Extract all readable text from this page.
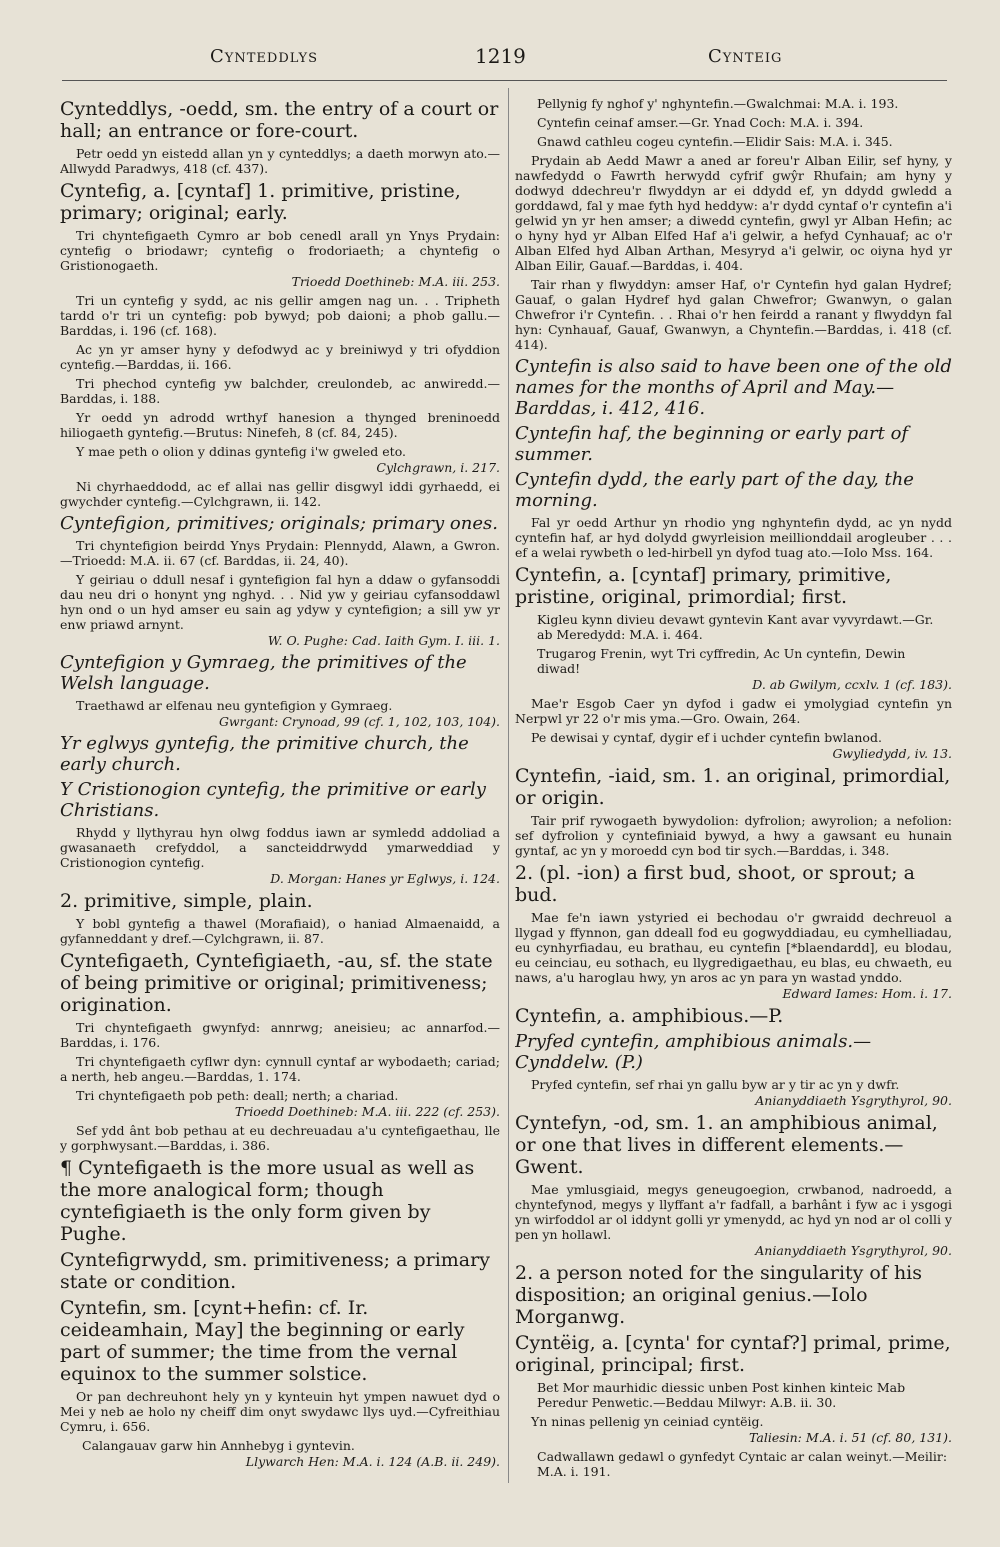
Cynteddlys	1219	Cynteig
Cynteddlys, -oedd, sm. the entry of a court or hall; an entrance or fore-court.
Petr oedd yn eistedd allan yn y cynteddlys; a daeth morwyn ato.—Allwydd Paradwys, 418 (cf. 437).
Cyntefig, a. [cyntaf] 1. primitive, pristine, primary; original; early.
Tri chyntefigaeth Cymro ar bob cenedl arall yn Ynys Prydain: cyntefig o briodawr; cyntefig o frodoriaeth; a chyntefig o Gristionogaeth.
Trioedd Doethineb: M.A. iii. 253.
Tri un cyntefig y sydd, ac nis gellir amgen nag un. . . Tripheth tardd o'r tri un cyntefig: pob bywyd; pob daioni; a phob gallu.—Barddas, i. 196 (cf. 168).
Ac yn yr amser hyny y defodwyd ac y breiniwyd y tri ofyddion cyntefig.—Barddas, ii. 166.
Tri phechod cyntefig yw balchder, creulondeb, ac anwiredd.—Barddas, i. 188.
Yr oedd yn adrodd wrthyf hanesion a thynged breninoedd hiliogaeth gyntefig.—Brutus: Ninefeh, 8 (cf. 84, 245).
Y mae peth o olion y ddinas gyntefig i'w gweled eto.
Cylchgrawn, i. 217.
Ni chyrhaeddodd, ac ef allai nas gellir disgwyl iddi gyrhaedd, ei gwychder cyntefig.—Cylchgrawn, ii. 142.
Cyntefigion, primitives; originals; primary ones.
Tri chyntefigion beirdd Ynys Prydain: Plennydd, Alawn, a Gwron.—Trioedd: M.A. ii. 67 (cf. Barddas, ii. 24, 40).
Y geiriau o ddull nesaf i gyntefigion fal hyn a ddaw o gyfansoddi dau neu dri o honynt yng nghyd. . . Nid yw y geiriau cyfansoddawl hyn ond o un hyd amser eu sain ag ydyw y cyntefigion; a sill yw yr enw priawd arnynt.
W. O. Pughe: Cad. Iaith Gym. I. iii. 1.
Cyntefigion y Gymraeg, the primitives of the Welsh language.
Traethawd ar elfenau neu gyntefigion y Gymraeg.
Gwrgant: Crynoad, 99 (cf. 1, 102, 103, 104).
Yr eglwys gyntefig, the primitive church, the early church.
Y Cristionogion cyntefig, the primitive or early Christians.
Rhydd y llythyrau hyn olwg foddus iawn ar symledd addoliad a gwasanaeth crefyddol, a sancteiddrwydd ymarweddiad y Cristionogion cyntefig.
D. Morgan: Hanes yr Eglwys, i. 124.
2. primitive, simple, plain.
Y bobl gyntefig a thawel (Morafiaid), o haniad Almaenaidd, a gyfanneddant y dref.—Cylchgrawn, ii. 87.
Cyntefigaeth, Cyntefigiaeth, -au, sf. the state of being primitive or original; primitiveness; origination.
Tri chyntefigaeth gwynfyd: annrwg; aneisieu; ac annarfod.—Barddas, i. 176.
Tri chyntefigaeth cyflwr dyn: cynnull cyntaf ar wybodaeth; cariad; a nerth, heb angeu.—Barddas, 1. 174.
Tri chyntefigaeth pob peth: deall; nerth; a chariad.
Trioedd Doethineb: M.A. iii. 222 (cf. 253).
Sef ydd ânt bob pethau at eu dechreuadau a'u cyntefigaethau, lle y gorphwysant.—Barddas, i. 386.
¶ Cyntefigaeth is the more usual as well as the more analogical form; though cyntefigiaeth is the only form given by Pughe.
Cyntefigrwydd, sm. primitiveness; a primary state or condition.
Cyntefin, sm. [cynt+hefin: cf. Ir. ceideamhain, May] the beginning or early part of summer; the time from the vernal equinox to the summer solstice.
Or pan dechreuhont hely yn y kynteuin hyt ympen nawuet dyd o Mei y neb ae holo ny cheiff dim onyt swydawc llys uyd.—Cyfreithiau Cymru, i. 656.
Calangauav garw hin Annhebyg i gyntevin.
Llywarch Hen: M.A. i. 124 (A.B. ii. 249).
Pellynig fy nghof y' nghyntefin.—Gwalchmai: M.A. i. 193.
Cyntefin ceinaf amser.—Gr. Ynad Coch: M.A. i. 394.
Gnawd cathleu cogeu cyntefin.—Elidir Sais: M.A. i. 345.
Prydain ab Aedd Mawr a aned ar foreu'r Alban Eilir, sef hyny, y nawfedydd o Fawrth herwydd cyfrif gwŷr Rhufain; am hyny y dodwyd ddechreu'r flwyddyn ar ei ddydd ef, yn ddydd gwledd a gorddawd, fal y mae fyth hyd heddyw: a'r dydd cyntaf o'r cyntefin a'i gelwid yn yr hen amser; a diwedd cyntefin, gwyl yr Alban Hefin; ac o hyny hyd yr Alban Elfed Haf a'i gelwir, a hefyd Cynhauaf; ac o'r Alban Elfed hyd Alban Arthan, Mesyryd a'i gelwir, oc oiyna hyd yr Alban Eilir, Gauaf.—Barddas, i. 404.
Tair rhan y flwyddyn: amser Haf, o'r Cyntefin hyd galan Hydref; Gauaf, o galan Hydref hyd galan Chwefror; Gwanwyn, o galan Chwefror i'r Cyntefin. . . Rhai o'r hen feirdd a ranant y flwyddyn fal hyn: Cynhauaf, Gauaf, Gwanwyn, a Chyntefin.—Barddas, i. 418 (cf. 414).
Cyntefin is also said to have been one of the old names for the months of April and May.—Barddas, i. 412, 416.
Cyntefin haf, the beginning or early part of summer.
Cyntefin dydd, the early part of the day, the morning.
Fal yr oedd Arthur yn rhodio yng nghyntefin dydd, ac yn nydd cyntefin haf, ar hyd dolydd gwyrleision meillionddail arogleuber . . . ef a welai rywbeth o led-hirbell yn dyfod tuag ato.—Iolo Mss. 164.
Cyntefin, a. [cyntaf] primary, primitive, pristine, original, primordial; first.
Kigleu kynn divieu devawt gyntevin Kant avar vyvyrdawt.—Gr. ab Meredydd: M.A. i. 464.
Trugarog Frenin, wyt Tri cyffredin, Ac Un cyntefin, Dewin diwad!
D. ab Gwilym, ccxlv. 1 (cf. 183).
Mae'r Esgob Caer yn dyfod i gadw ei ymolygiad cyntefin yn Nerpwl yr 22 o'r mis yma.—Gro. Owain, 264.
Pe dewisai y cyntaf, dygir ef i uchder cyntefin bwlanod.
Gwyliedydd, iv. 13.
Cyntefin, -iaid, sm. 1. an original, primordial, or origin.
Tair prif rywogaeth bywydolion: dyfrolion; awyrolion; a nefolion: sef dyfrolion y cyntefiniaid bywyd, a hwy a gawsant eu hunain gyntaf, ac yn y moroedd cyn bod tir sych.—Barddas, i. 348.
2. (pl. -ion) a first bud, shoot, or sprout; a bud.
Mae fe'n iawn ystyried ei bechodau o'r gwraidd dechreuol a llygad y ffynnon, gan ddeall fod eu gogwyddiadau, eu cymhelliadau, eu cynhyrfiadau, eu brathau, eu cyntefin [*blaendardd], eu blodau, eu ceinciau, eu sothach, eu llygredigaethau, eu blas, eu chwaeth, eu naws, a'u haroglau hwy, yn aros ac yn para yn wastad ynddo.
Edward Iames: Hom. i. 17.
Cyntefin, a. amphibious.—P.
Pryfed cyntefin, amphibious animals.—Cynddelw. (P.)
Pryfed cyntefin, sef rhai yn gallu byw ar y tir ac yn y dwfr.
Anianyddiaeth Ysgrythyrol, 90.
Cyntefyn, -od, sm. 1. an amphibious animal, or one that lives in different elements.—Gwent.
Mae ymlusgiaid, megys geneugoegion, crwbanod, nadroedd, a chyntefynod, megys y llyffant a'r fadfall, a barhânt i fyw ac i ysgogi yn wirfoddol ar ol iddynt golli yr ymenydd, ac hyd yn nod ar ol colli y pen yn hollawl.
Anianyddiaeth Ysgrythyrol, 90.
2. a person noted for the singularity of his disposition; an original genius.—Iolo Morganwg.
Cyntëig, a. [cynta' for cyntaf?] primal, prime, original, principal; first.
Bet Mor maurhidic diessic unben Post kinhen kinteic Mab Peredur Penwetic.—Beddau Milwyr: A.B. ii. 30.
Yn ninas pellenig yn ceiniad cyntëig.
Taliesin: M.A. i. 51 (cf. 80, 131).
Cadwallawn gedawl o gynfedyt Cyntaic ar calan weinyt.—Meilir: M.A. i. 191.
